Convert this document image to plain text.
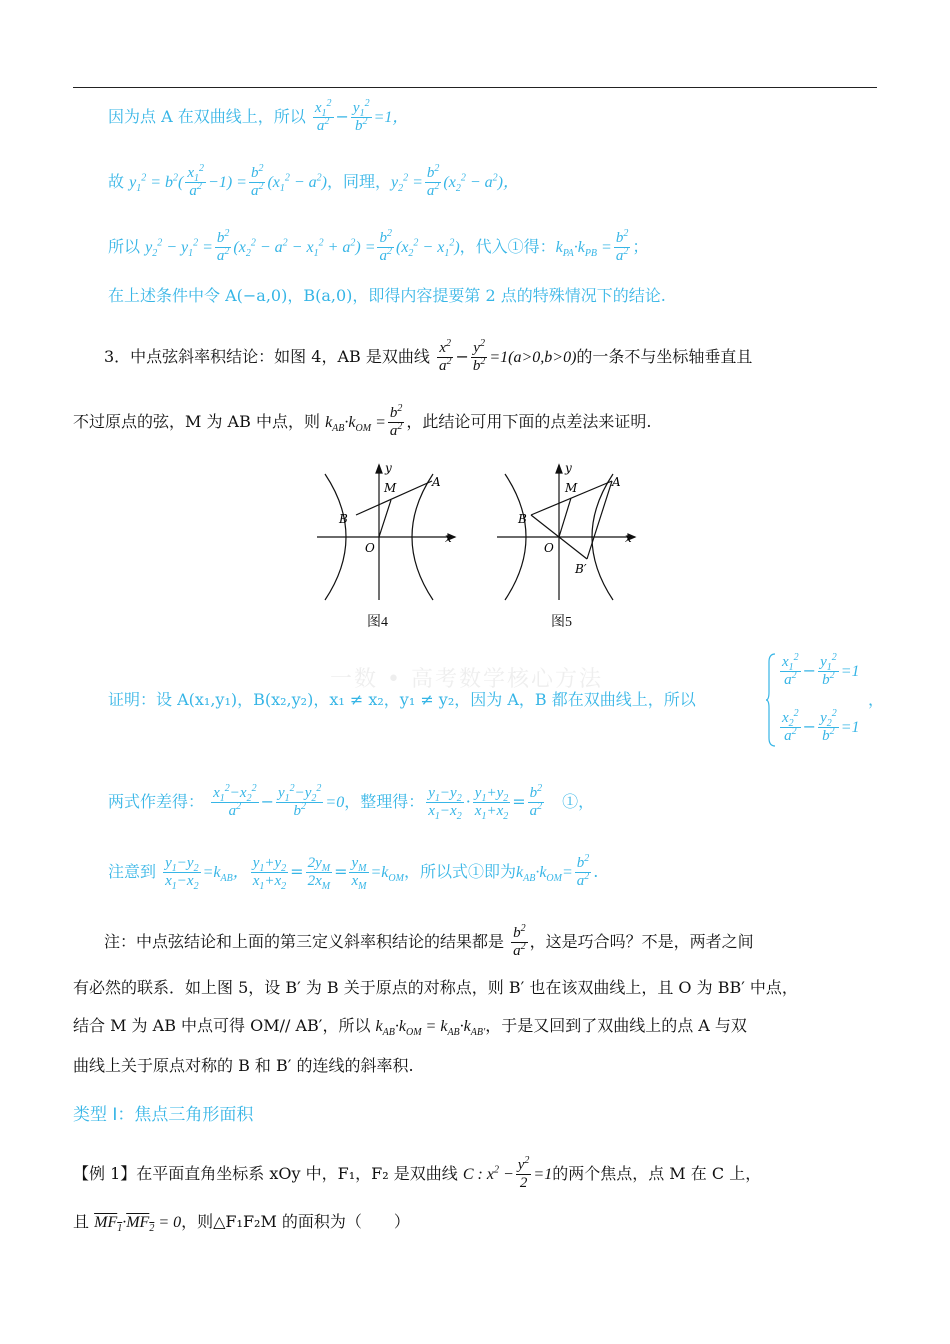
因为点 A 在双曲线上，所以 $\frac{x_1^2}{a^2} - \frac{y_1^2}{b^2} =1$，
故 $y_1^2 = b^2( \frac{x_1^2}{a^2} -1) = \frac{b^2}{a^2} (x_1^2 - a^2)$，同理，$y_2^2 = \frac{b^2}{a^2} (x_2^2 - a^2)$，
所以 $y_2^2 - y_1^2 = \frac{b^2}{a^2} (x_2^2 - a^2 - x_1^2 + a^2) = \frac{b^2}{a^2} (x_2^2 - x_1^2)$，代入①得：$k_{PA}\cdot k_{PB} = \frac{b^2}{a^2}$ ；
在上述条件中令 A(−a,0)，B(a,0)，即得内容提要第 2 点的特殊情况下的结论.
3．中点弦斜率积结论：如图 4，AB 是双曲线 $\frac{x^2}{a^2} - \frac{y^2}{b^2} =1(a>0,b>0)$的一条不与坐标轴垂直且
不过原点的弦，M 为 AB 中点，则 $k_{AB}\cdot k_{OM} = \frac{b^2}{a^2}$ ，此结论可用下面的点差法来证明.
y
x
M	A
B
O
图4
y
x
M	A
B
O
B′
图5
一数 • 高考数学核心方法
证明：设 A(x₁,y₁)，B(x₂,y₂)，x₁ ≠ x₂，y₁ ≠ y₂，因为 A，B 都在双曲线上，所以
$\frac{x_1^2}{a^2} - \frac{y_1^2}{b^2} =1$
$\frac{x_2^2}{a^2} - \frac{y_2^2}{b^2} =1$
，
两式作差得： $\frac{x_1^2-x_2^2}{a^2} - \frac{y_1^2-y_2^2}{b^2} =0$，整理得： $\frac{y_1-y_2}{x_1-x_2} \cdot \frac{y_1+y_2}{x_1+x_2} = \frac{b^2}{a^2}$ 　①，
注意到 $\frac{y_1-y_2}{x_1-x_2} =k_{AB}$， $\frac{y_1+y_2}{x_1+x_2} = \frac{2y_M}{2x_M} = \frac{y_M}{x_M} =k_{OM}$，所以式①即为$k_{AB}\cdot k_{OM}= \frac{b^2}{a^2}$ .
注：中点弦结论和上面的第三定义斜率积结论的结果都是 $\frac{b^2}{a^2}$ ，这是巧合吗？不是，两者之间
有必然的联系．如上图 5，设 B′ 为 B 关于原点的对称点，则 B′ 也在该双曲线上，且 O 为 BB′ 中点，
结合 M 为 AB 中点可得 OM// AB′，所以 $k_{AB}\cdot k_{OM} = k_{AB}\cdot k_{AB'}$，于是又回到了双曲线上的点 A 与双
曲线上关于原点对称的 B 和 B′ 的连线的斜率积.
类型 I：焦点三角形面积
【例 1】在平面直角坐标系 xOy 中，F₁，F₂ 是双曲线 C : $x^2 - \frac{y^2}{2} =1$的两个焦点，点 M 在 C 上，
且 $MF_1\cdot MF_2 = 0$，则△F₁F₂M 的面积为（　　）
